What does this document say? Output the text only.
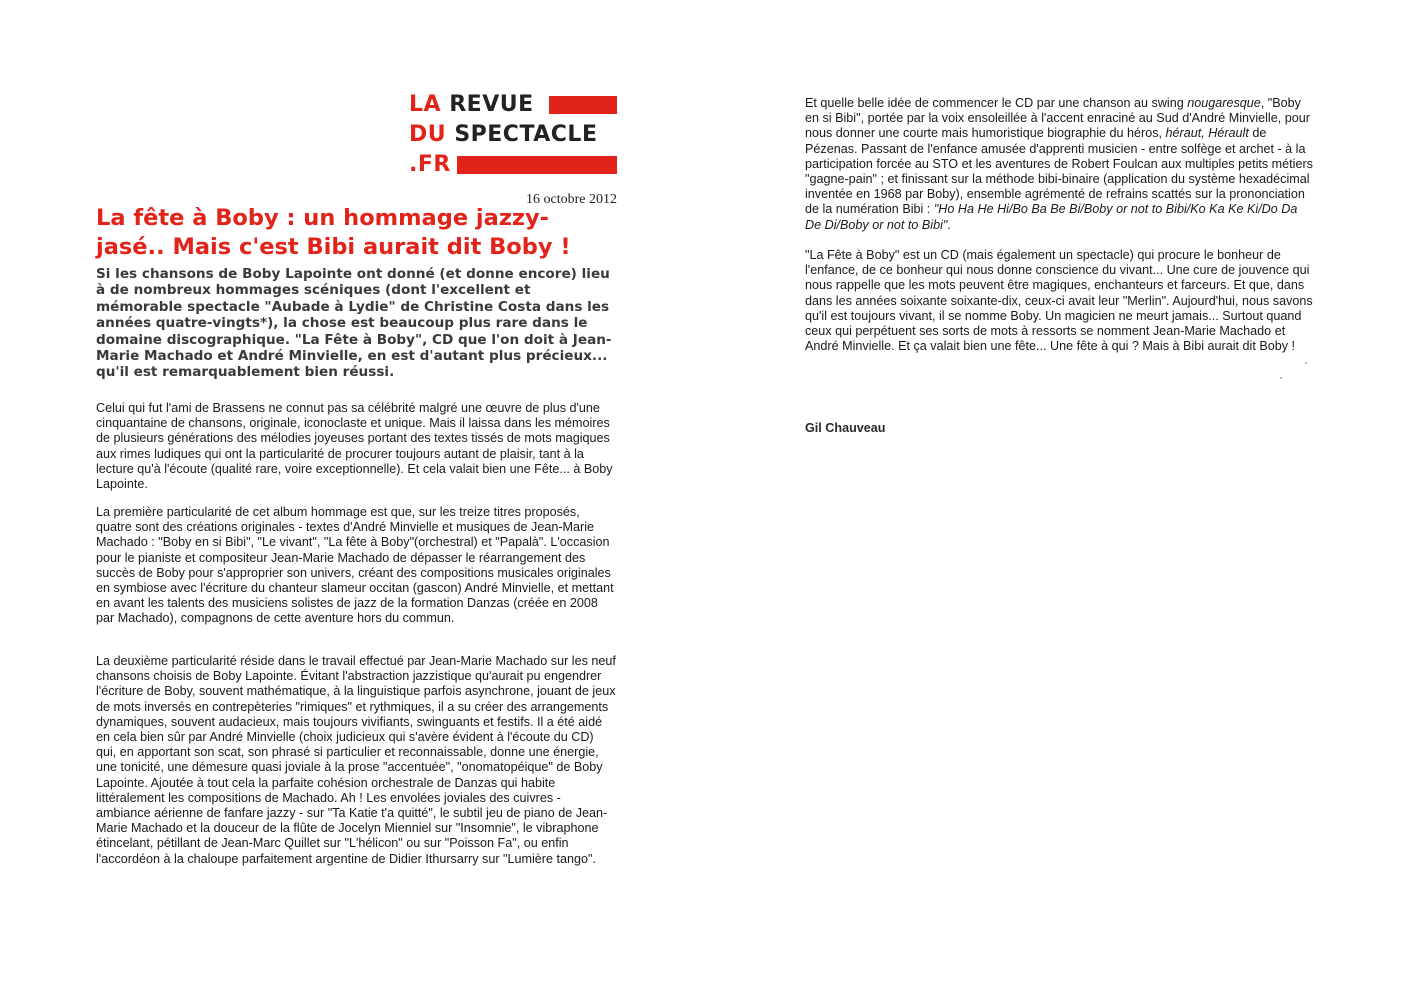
LA
REVUE
DU
SPECTACLE
.FR
16 octobre 2012
La fête à Boby : un hommage jazzy-jasé.. Mais c'est Bibi aurait dit Boby !

Si les chansons de Boby Lapointe ont donné (et donne encore) lieu à de nombreux hommages scéniques (dont l'excellent et mémorable spectacle "Aubade à Lydie" de Christine Costa dans les années quatre-vingts*), la chose est beaucoup plus rare dans le domaine discographique. "La Fête à Boby", CD que l'on doit à Jean-Marie Machado et André Minvielle, en est d'autant plus précieux... qu'il est remarquablement bien réussi.

Celui qui fut l'ami de Brassens ne connut pas sa célébrité malgré une œuvre de plus d'une cinquantaine de chansons, originale, iconoclaste et unique. Mais il laissa dans les mémoires de plusieurs générations des mélodies joyeuses portant des textes tissés de mots magiques aux rimes ludiques qui ont la particularité de procurer toujours autant de plaisir, tant à la lecture qu'à l'écoute (qualité rare, voire exceptionnelle). Et cela valait bien une Fête... à Boby Lapointe.

La première particularité de cet album hommage est que, sur les treize titres proposés, quatre sont des créations originales - textes d'André Minvielle et musiques de Jean-Marie Machado : "Boby en si Bibi", "Le vivant", "La fête à Boby"(orchestral) et "Papalà". L'occasion pour le pianiste et compositeur Jean-Marie Machado de dépasser le réarrangement des succès de Boby pour s'approprier son univers, créant des compositions musicales originales en symbiose avec l'écriture du chanteur slameur occitan (gascon) André Minvielle, et mettant en avant les talents des musiciens solistes de jazz de la formation Danzas (créée en 2008 par Machado), compagnons de cette aventure hors du commun.

La deuxième particularité réside dans le travail effectué par Jean-Marie Machado sur les neuf chansons choisis de Boby Lapointe. Évitant l'abstraction jazzistique qu'aurait pu engendrer l'écriture de Boby, souvent mathématique, à la linguistique parfois asynchrone, jouant de jeux de mots inversés en contrepèteries "rimiques" et rythmiques, il a su créer des arrangements dynamiques, souvent audacieux, mais toujours vivifiants, swinguants et festifs. Il a été aidé en cela bien sûr par André Minvielle (choix judicieux qui s'avère évident à l'écoute du CD) qui, en apportant son scat, son phrasé si particulier et reconnaissable, donne une énergie, une tonicité, une démesure quasi joviale à la prose "accentuée", "onomatopéique" de Boby Lapointe. Ajoutée à tout cela la parfaite cohésion orchestrale de Danzas qui habite littéralement les compositions de Machado. Ah ! Les envolées joviales des cuivres - ambiance aérienne de fanfare jazzy - sur "Ta Katie t'a quitté", le subtil jeu de piano de Jean-Marie Machado et la douceur de la flûte de Jocelyn Mienniel sur "Insomnie", le vibraphone étincelant, pétillant de Jean-Marc Quillet sur "L'hélicon" ou sur "Poisson Fa", ou enfin l'accordéon à la chaloupe parfaitement argentine de Didier Ithursarry sur "Lumière tango".

Et quelle belle idée de commencer le CD par une chanson au swing nougaresque, "Boby en si Bibi", portée par la voix ensoleillée à l'accent enraciné au Sud d'André Minvielle, pour nous donner une courte mais humoristique biographie du héros, héraut, Hérault de Pézenas. Passant de l'enfance amusée d'apprenti musicien - entre solfège et archet - à la participation forcée au STO et les aventures de Robert Foulcan aux multiples petits métiers "gagne-pain" ; et finissant sur la méthode bibi-binaire (application du système hexadécimal inventée en 1968 par Boby), ensemble agrémenté de refrains scattés sur la prononciation de la numération Bibi : "Ho Ha He Hi/Bo Ba Be Bi/Boby or not to Bibi/Ko Ka Ke Ki/Do Da De Di/Boby or not to Bibi".

"La Fête à Boby" est un CD (mais également un spectacle) qui procure le bonheur de l'enfance, de ce bonheur qui nous donne conscience du vivant... Une cure de jouvence qui nous rappelle que les mots peuvent être magiques, enchanteurs et farceurs. Et que, dans dans les années soixante soixante-dix, ceux-ci avait leur "Merlin". Aujourd'hui, nous savons qu'il est toujours vivant, il se nomme Boby. Un magicien ne meurt jamais... Surtout quand ceux qui perpétuent ses sorts de mots à ressorts se nomment Jean-Marie Machado et André Minvielle. Et ça valait bien une fête... Une fête à qui ? Mais à Bibi aurait dit Boby !

Gil Chauveau
